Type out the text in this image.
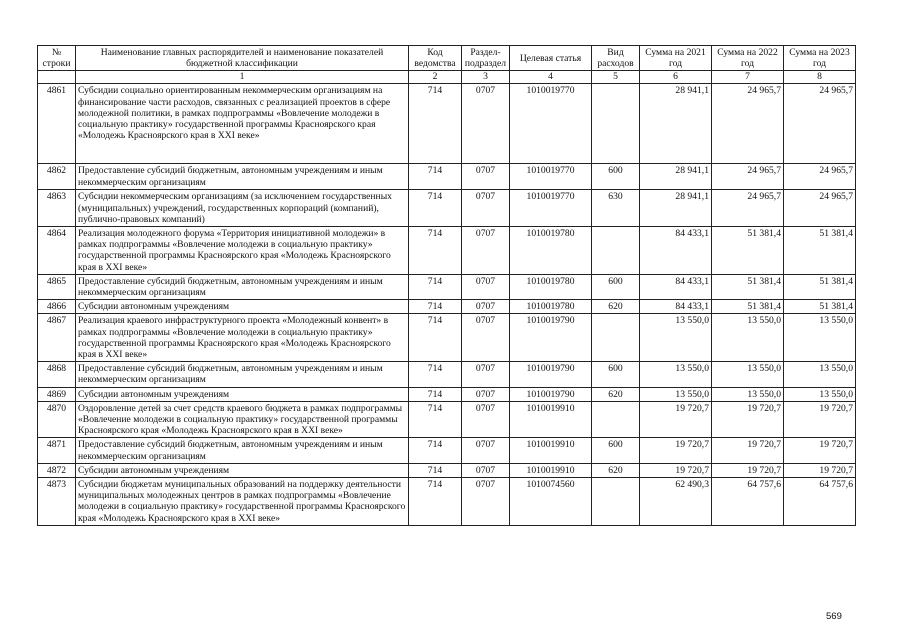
№ строки	Наименование главных распорядителей и наименование показателей бюджетной классификации	Код ведомства	Раздел-подраздел	Целевая статья	Вид расходов	Сумма на 2021 год	Сумма на 2022 год	Сумма на 2023 год
	1	2	3	4	5	6	7	8
4861	Субсидии социально ориентированным некоммерческим организациям на финансирование части расходов, связанных с реализацией проектов в сфере молодежной политики, в рамках подпрограммы «Вовлечение молодежи в социальную практику» государственной программы Красноярского края «Молодежь Красноярского края в XXI веке»	714	0707	1010019770		28 941,1	24 965,7	24 965,7
4862	Предоставление субсидий бюджетным, автономным учреждениям и иным некоммерческим организациям	714	0707	1010019770	600	28 941,1	24 965,7	24 965,7
4863	Субсидии некоммерческим организациям (за исключением государственных (муниципальных) учреждений, государственных корпораций (компаний), публично-правовых компаний)	714	0707	1010019770	630	28 941,1	24 965,7	24 965,7
4864	Реализация молодежного форума «Территория инициативной молодежи» в рамках подпрограммы «Вовлечение молодежи в социальную практику» государственной программы Красноярского края «Молодежь Красноярского края в XXI веке»	714	0707	1010019780		84 433,1	51 381,4	51 381,4
4865	Предоставление субсидий бюджетным, автономным учреждениям и иным некоммерческим организациям	714	0707	1010019780	600	84 433,1	51 381,4	51 381,4
4866	Субсидии автономным учреждениям	714	0707	1010019780	620	84 433,1	51 381,4	51 381,4
4867	Реализация краевого инфраструктурного проекта «Молодежный конвент» в рамках подпрограммы «Вовлечение молодежи в социальную практику» государственной программы Красноярского края «Молодежь Красноярского края в XXI веке»	714	0707	1010019790		13 550,0	13 550,0	13 550,0
4868	Предоставление субсидий бюджетным, автономным учреждениям и иным некоммерческим организациям	714	0707	1010019790	600	13 550,0	13 550,0	13 550,0
4869	Субсидии автономным учреждениям	714	0707	1010019790	620	13 550,0	13 550,0	13 550,0
4870	Оздоровление детей за счет средств краевого бюджета в рамках подпрограммы «Вовлечение молодежи в социальную практику» государственной программы Красноярского края «Молодежь Красноярского края в XXI веке»	714	0707	1010019910		19 720,7	19 720,7	19 720,7
4871	Предоставление субсидий бюджетным, автономным учреждениям и иным некоммерческим организациям	714	0707	1010019910	600	19 720,7	19 720,7	19 720,7
4872	Субсидии автономным учреждениям	714	0707	1010019910	620	19 720,7	19 720,7	19 720,7
4873	Субсидии бюджетам муниципальных образований на поддержку деятельности муниципальных молодежных центров в рамках подпрограммы «Вовлечение молодежи в социальную практику» государственной программы Красноярского края «Молодежь Красноярского края в XXI веке»	714	0707	1010074560		62 490,3	64 757,6	64 757,6
569
